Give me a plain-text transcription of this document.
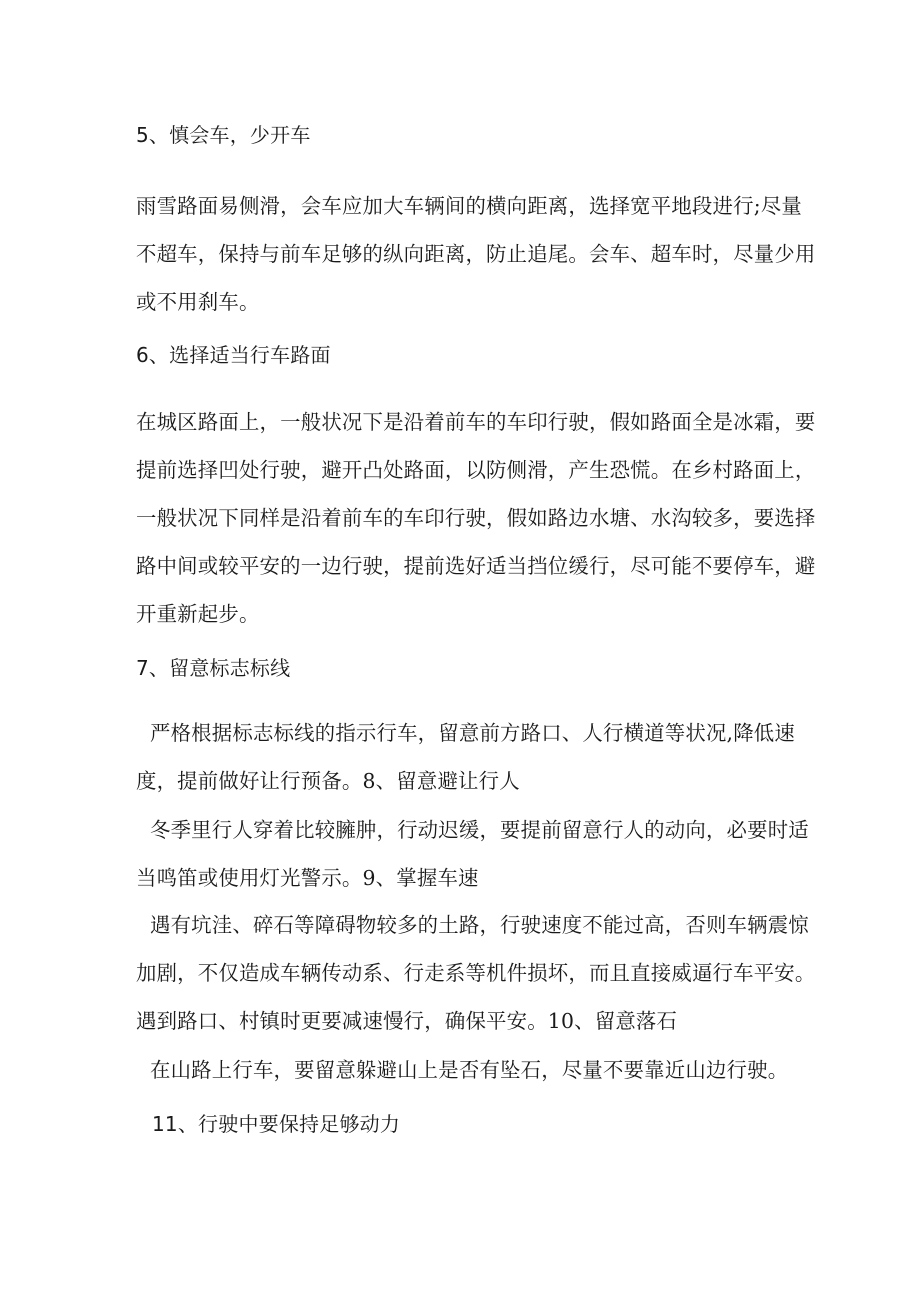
5、慎会车，少开车

雨雪路面易侧滑，会车应加大车辆间的横向距离，选择宽平地段进行;尽量

不超车，保持与前车足够的纵向距离，防止追尾。会车、超车时，尽量少用

或不用刹车。

6、选择适当行车路面

在城区路面上，一般状况下是沿着前车的车印行驶，假如路面全是冰霜，要

提前选择凹处行驶，避开凸处路面，以防侧滑，产生恐慌。在乡村路面上，

一般状况下同样是沿着前车的车印行驶，假如路边水塘、水沟较多，要选择

路中间或较平安的一边行驶，提前选好适当挡位缓行，尽可能不要停车，避

开重新起步。

7、留意标志标线

严格根据标志标线的指示行车，留意前方路口、人行横道等状况,降低速

度，提前做好让行预备。8、留意避让行人

冬季里行人穿着比较臃肿，行动迟缓，要提前留意行人的动向，必要时适

当鸣笛或使用灯光警示。9、掌握车速

遇有坑洼、碎石等障碍物较多的土路，行驶速度不能过高，否则车辆震惊

加剧，不仅造成车辆传动系、行走系等机件损坏，而且直接威逼行车平安。

遇到路口、村镇时更要减速慢行，确保平安。10、留意落石

在山路上行车，要留意躲避山上是否有坠石，尽量不要靠近山边行驶。

11、行驶中要保持足够动力
